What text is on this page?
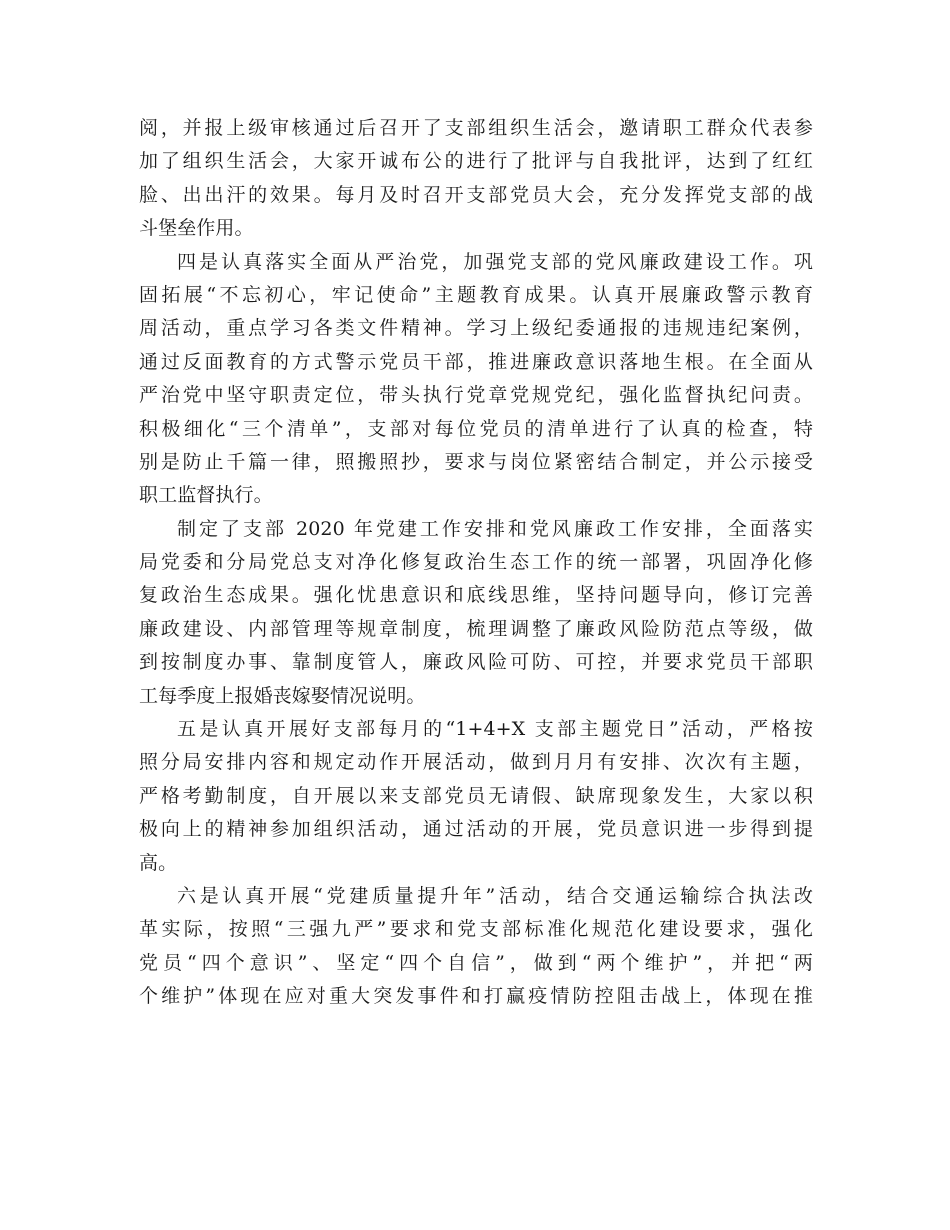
阅，并报上级审核通过后召开了支部组织生活会，邀请职工群众代表参
加了组织生活会，大家开诚布公的进行了批评与自我批评，达到了红红
脸、出出汗的效果。每月及时召开支部党员大会，充分发挥党支部的战
斗堡垒作用。
四是认真落实全面从严治党，加强党支部的党风廉政建设工作。巩
固拓展“不忘初心，牢记使命”主题教育成果。认真开展廉政警示教育
周活动，重点学习各类文件精神。学习上级纪委通报的违规违纪案例，
通过反面教育的方式警示党员干部，推进廉政意识落地生根。在全面从
严治党中坚守职责定位，带头执行党章党规党纪，强化监督执纪问责。
积极细化“三个清单”，支部对每位党员的清单进行了认真的检查，特
别是防止千篇一律，照搬照抄，要求与岗位紧密结合制定，并公示接受
职工监督执行。
制定了支部 2020 年党建工作安排和党风廉政工作安排，全面落实
局党委和分局党总支对净化修复政治生态工作的统一部署，巩固净化修
复政治生态成果。强化忧患意识和底线思维，坚持问题导向，修订完善
廉政建设、内部管理等规章制度，梳理调整了廉政风险防范点等级，做
到按制度办事、靠制度管人，廉政风险可防、可控，并要求党员干部职
工每季度上报婚丧嫁娶情况说明。
五是认真开展好支部每月的“1+4+X 支部主题党日”活动，严格按
照分局安排内容和规定动作开展活动，做到月月有安排、次次有主题，
严格考勤制度，自开展以来支部党员无请假、缺席现象发生，大家以积
极向上的精神参加组织活动，通过活动的开展，党员意识进一步得到提
高。
六是认真开展“党建质量提升年”活动，结合交通运输综合执法改
革实际，按照“三强九严”要求和党支部标准化规范化建设要求，强化
党员“四个意识”、坚定“四个自信”，做到“两个维护”，并把“两
个维护”体现在应对重大突发事件和打赢疫情防控阻击战上，体现在推
